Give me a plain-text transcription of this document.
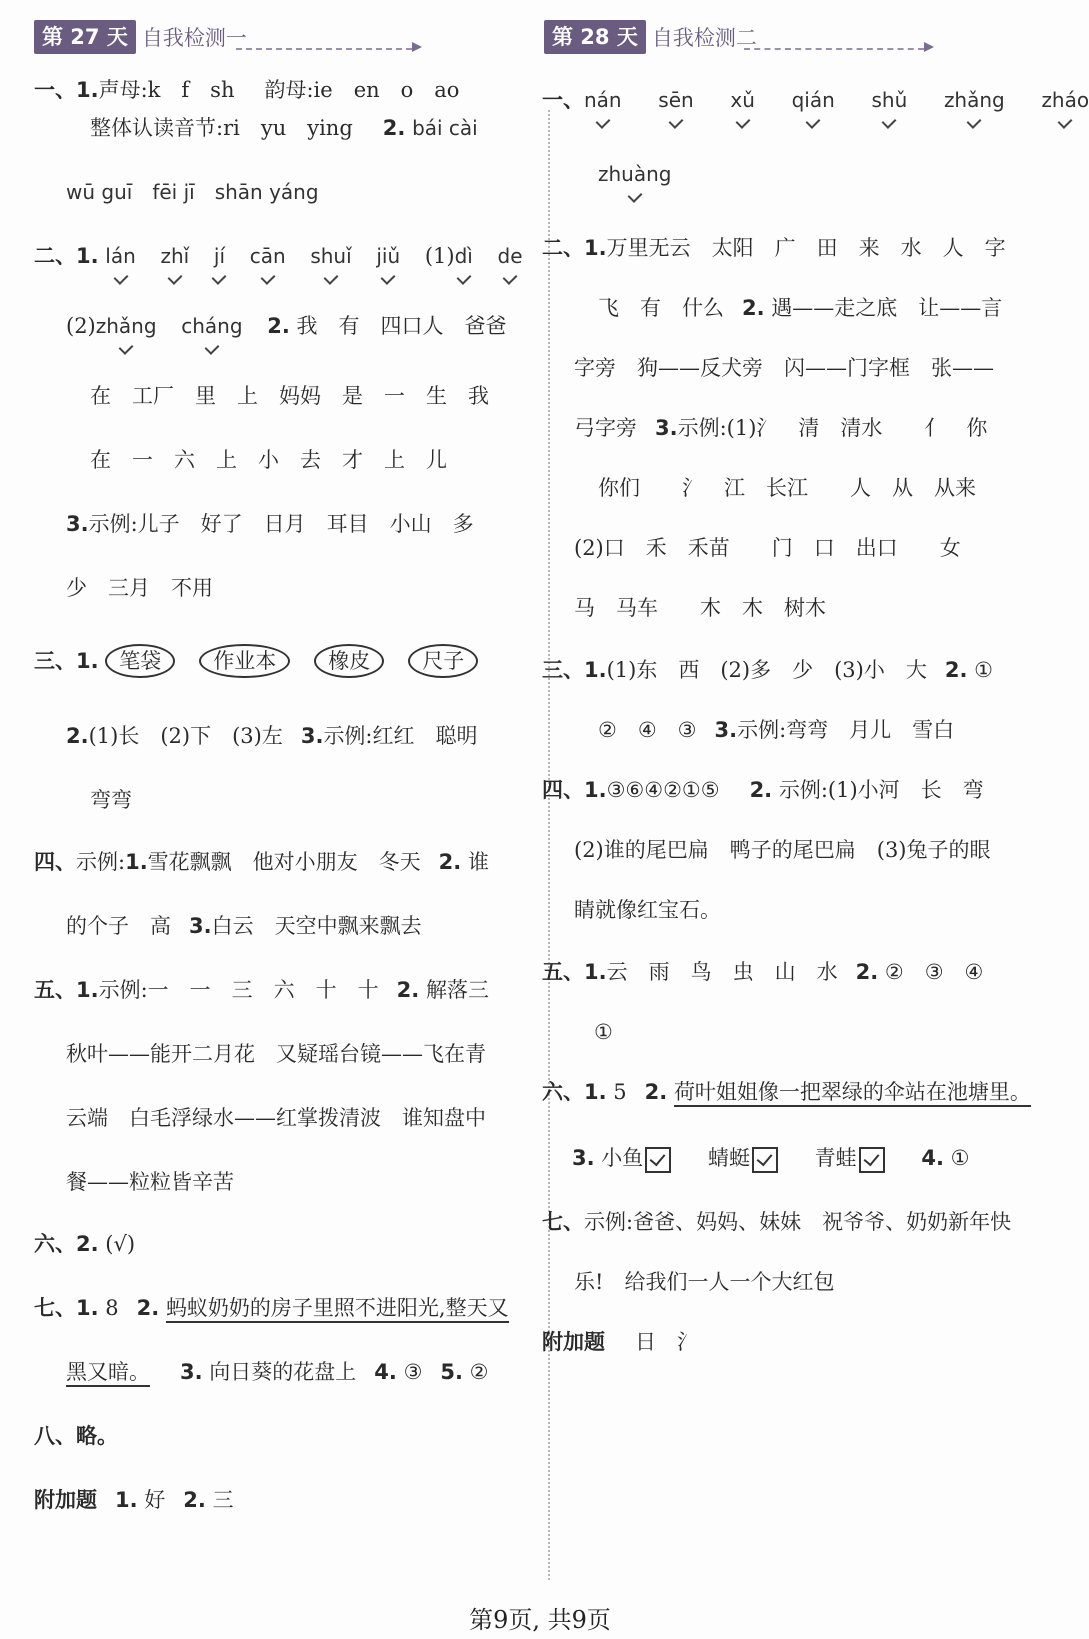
第 27 天 自我检测一
一、1.声母:k　f　sh 韵母:ie　en　o　ao
整体认读音节:ri　yu　ying 2. bái cài
wū guī　fēi jī　shān yáng
二、1. lán zhǐ jí cān shuǐ jiǔ (1)dì de
(2)zhǎng cháng 2. 我　有　四口人　爸爸
在　工厂　里　上　妈妈　是　一　生　我
在　一　六　上　小　去　才　上　儿
3.示例:儿子　好了　日月　耳目　小山　多
少　三月　不用
三、1. 笔袋 作业本 橡皮 尺子
2.(1)长　(2)下　(3)左 3.示例:红红　聪明
弯弯
四、示例:1.雪花飘飘　他对小朋友　冬天 2. 谁
的个子　高 3.白云　天空中飘来飘去
五、1.示例:一　一　三　六　十　十 2. 解落三
秋叶——能开二月花　又疑瑶台镜——飞在青
云端　白毛浮绿水——红掌拨清波　谁知盘中
餐——粒粒皆辛苦
六、2. (√)
七、1. 8 2. 蚂蚁奶奶的房子里照不进阳光,整天又
黑又暗。 3. 向日葵的花盘上 4. ③ 5. ②
八、略。
附加题 1. 好 2. 三
第 28 天 自我检测二
一、nán sēn xǔ qián shǔ zhǎng zháo
zhuàng
二、1.万里无云　太阳　广　田　来　水　人　字
飞　有　什么 2. 遇——走之底　让——言
字旁　狗——反犬旁　闪——门字框　张——
弓字旁 3.示例:(1)氵　清　清水　　亻　你
你们　　氵　江　长江　　人　从　从来
(2)口　禾　禾苗　　门　口　出口　　女
马　马车　　木　木　树木
三、1.(1)东　西　(2)多　少　(3)小　大 2. ①
②　④　③ 3.示例:弯弯　月儿　雪白
四、1.③⑥④②①⑤ 2. 示例:(1)小河　长　弯
(2)谁的尾巴扁　鸭子的尾巴扁　(3)兔子的眼
睛就像红宝石。
五、1.云　雨　鸟　虫　山　水 2. ②　③　④
①
六、1. 5 2. 荷叶姐姐像一把翠绿的伞站在池塘里。
3. 小鱼	蜻蜓	青蛙	4. ①
七、示例:爸爸、妈妈、妹妹　祝爷爷、奶奶新年快
乐!　给我们一人一个大红包
附加题 日　氵
第9页, 共9页
